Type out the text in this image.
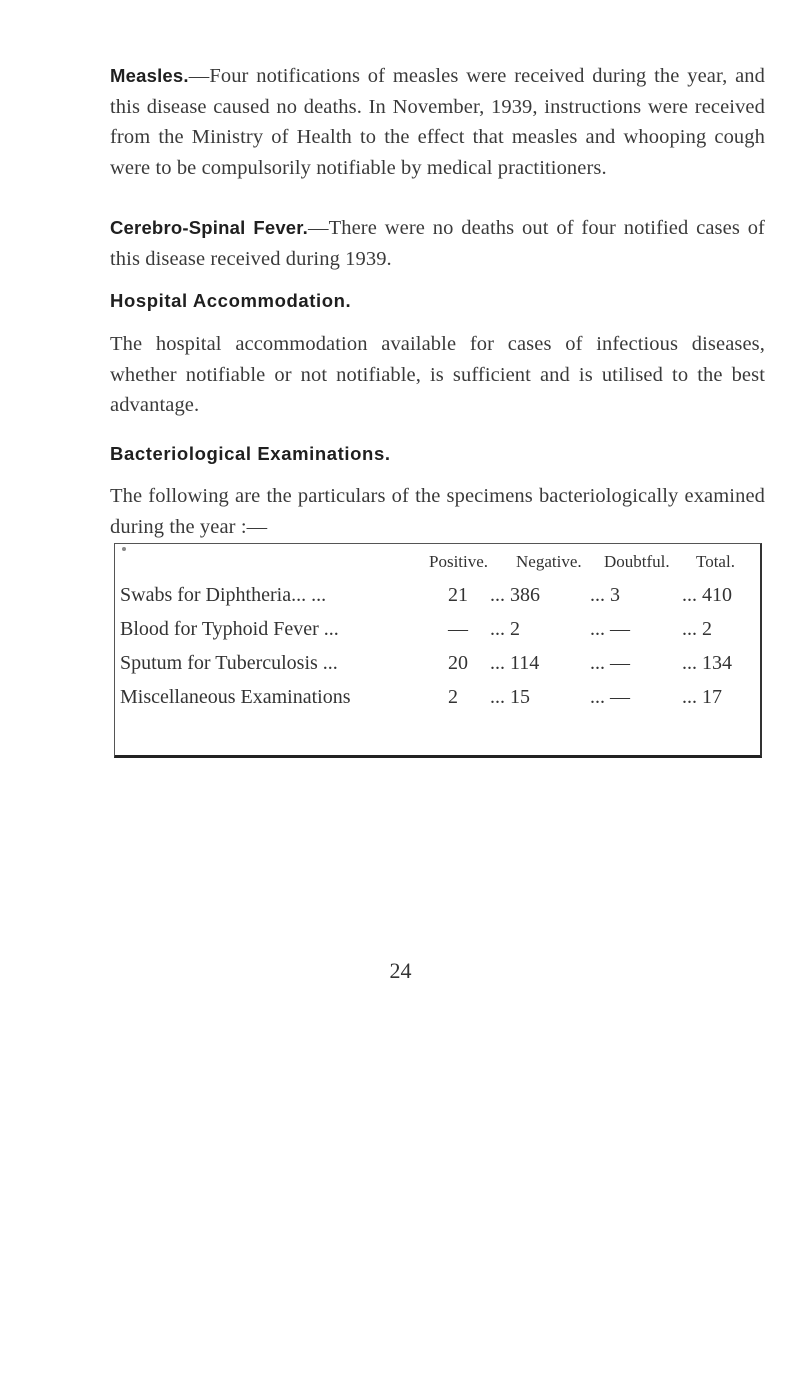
Measles.—Four notifications of measles were received during the year, and this disease caused no deaths. In November, 1939, instructions were received from the Ministry of Health to the effect that measles and whooping cough were to be compulsorily notifiable by medical practitioners.

Cerebro-Spinal Fever.—There were no deaths out of four notified cases of this disease received during 1939.

Hospital Accommodation.

The hospital accommodation available for cases of infectious diseases, whether notifiable or not notifiable, is sufficient and is utilised to the best advantage.

Bacteriological Examinations.

The following are the particulars of the specimens bacteriologically examined during the year :—

Positive. Negative. Doubtful. Total.
Swabs for Diphtheria... ...	21 ... 386	... 3	... 410
Blood for Typhoid Fever ...	— ... 2	... —	... 2
Sputum for Tuberculosis ...	20 ... 114	... —	... 134
Miscellaneous Examinations	2 ... 15	... —	... 17
24
